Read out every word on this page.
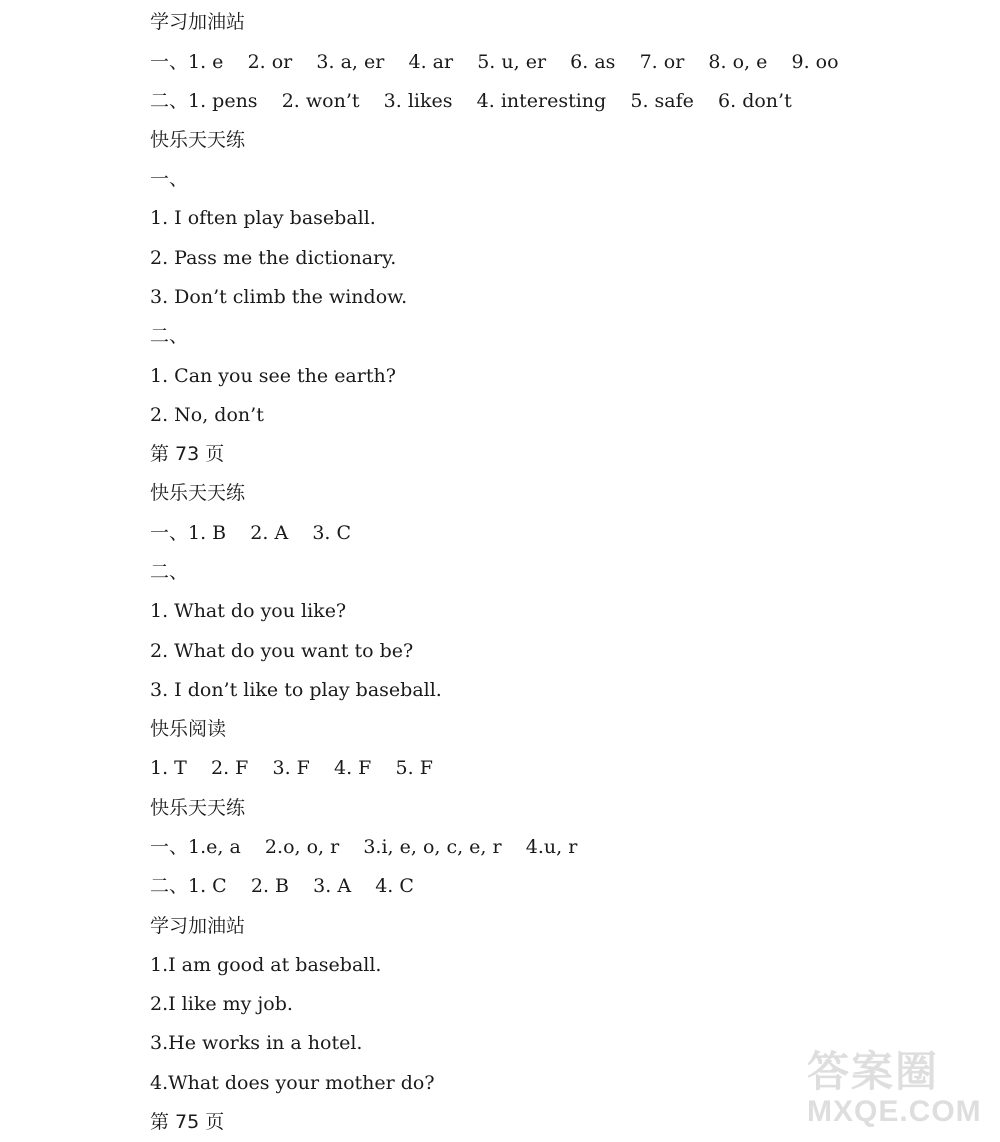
学习加油站
一、1. e    2. or    3. a, er    4. ar    5. u, er    6. as    7. or    8. o, e    9. oo
二、1. pens    2. won’t    3. likes    4. interesting    5. safe    6. don’t
快乐天天练
一、
1. I often play baseball.
2. Pass me the dictionary.
3. Don’t climb the window.
二、
1. Can you see the earth?
2. No, don’t
第 73 页
快乐天天练
一、1. B    2. A    3. C
二、
1. What do you like?
2. What do you want to be?
3. I don’t like to play baseball.
快乐阅读
1. T    2. F    3. F    4. F    5. F
快乐天天练
一、1.e, a    2.o, o, r    3.i, e, o, c, e, r    4.u, r
二、1. C    2. B    3. A    4. C
学习加油站
1.I am good at baseball.
2.I like my job.
3.He works in a hotel.
4.What does your mother do?
第 75 页
答案圈
MXQE.COM
